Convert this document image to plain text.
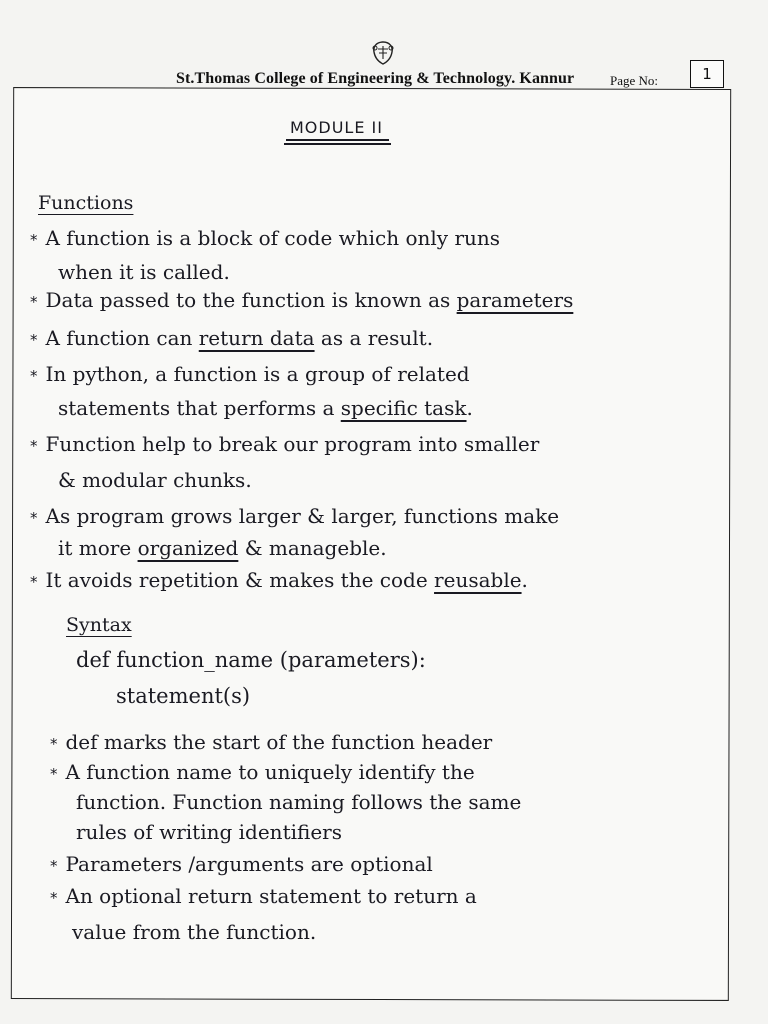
St.Thomas College of Engineering & Technology. Kannur	Page No:	1
MODULE II
Functions
* A function is a block of code which only runs
when it is called.
* Data passed to the function is known as parameters
* A function can return data as a result.
* In python, a function is a group of related
statements that performs a specific task.
* Function help to break our program into smaller
& modular chunks.
* As program grows larger & larger, functions make
it more organized & manageble.
* It avoids repetition & makes the code reusable.
Syntax
def function_name (parameters):
statement(s)
* def marks the start of the function header
* A function name to uniquely identify the
function. Function naming follows the same
rules of writing identifiers
* Parameters /arguments are optional
* An optional return statement to return a
value from the function.
